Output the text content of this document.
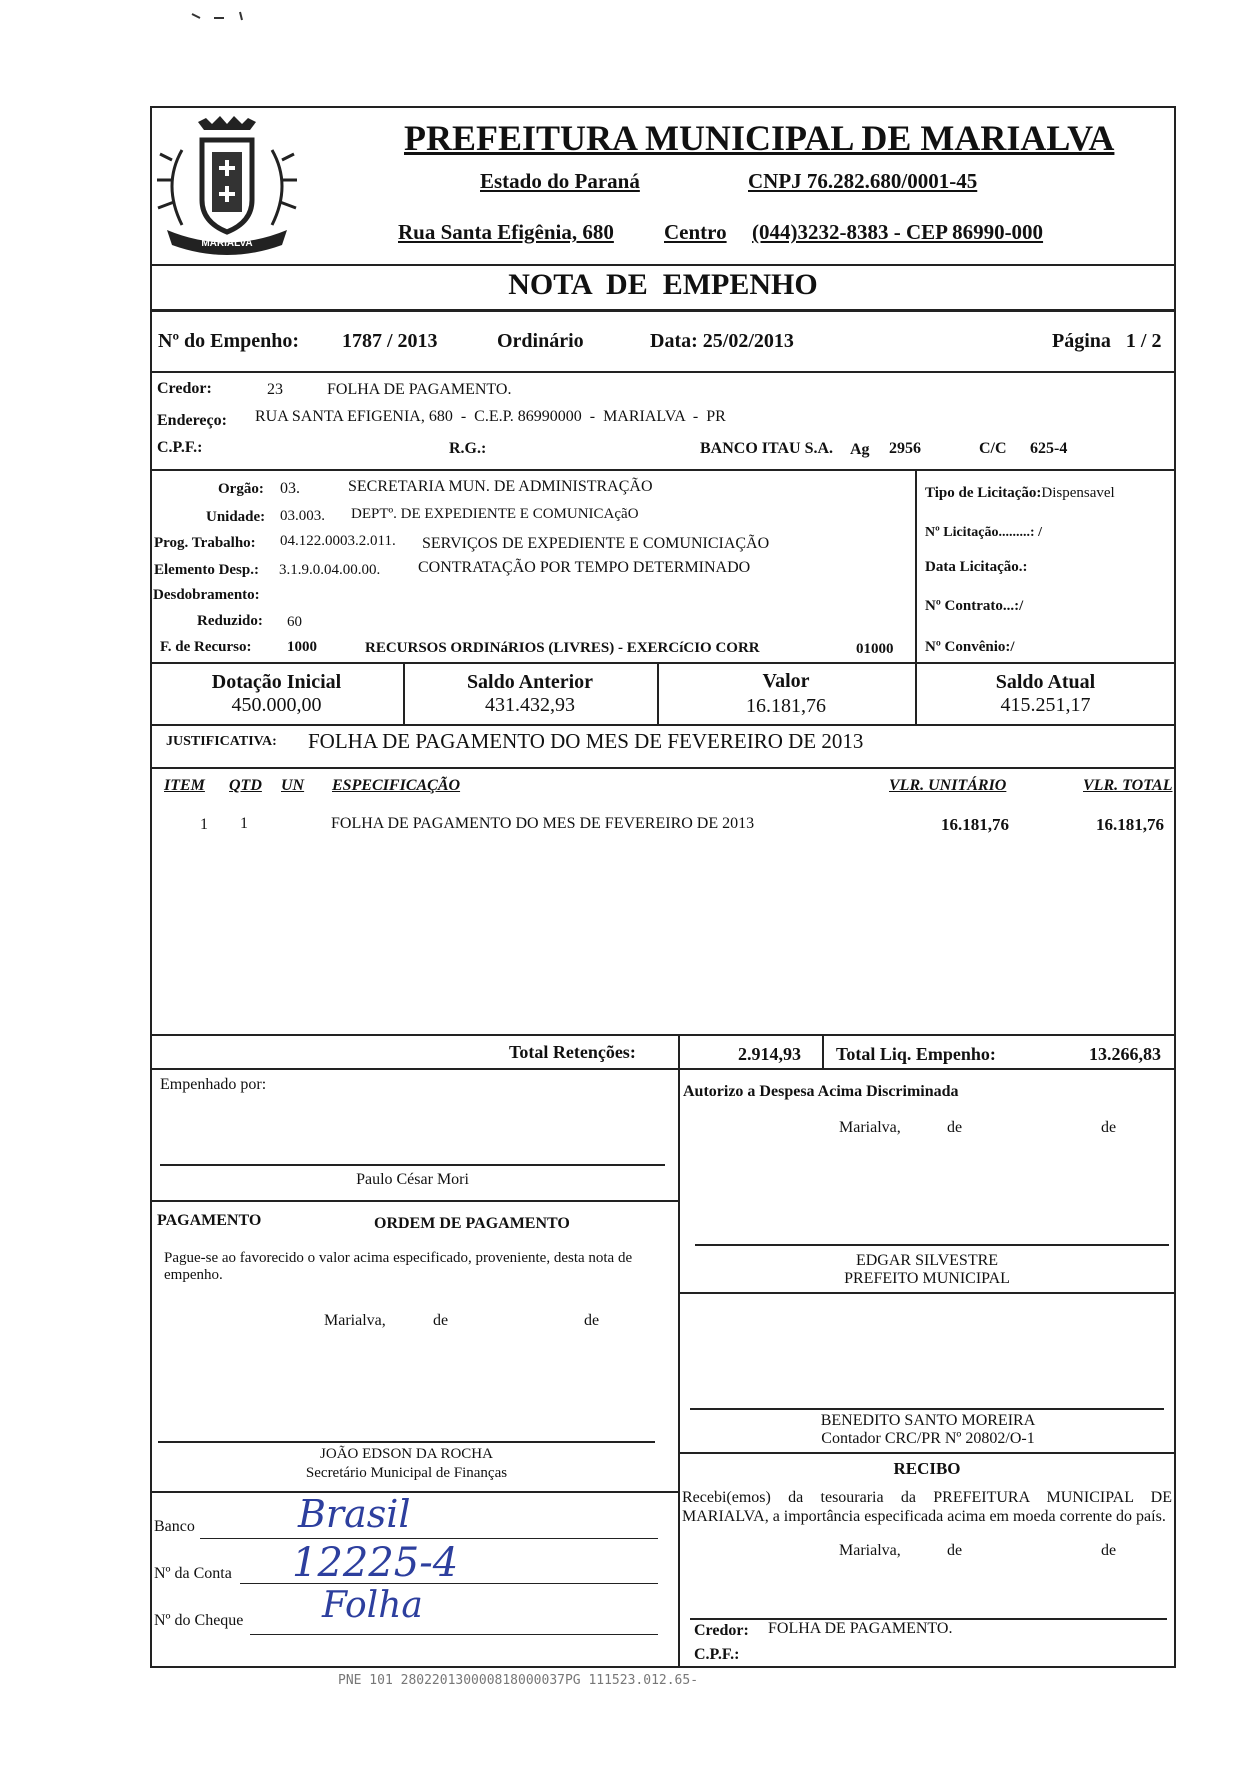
MARIALVA
PREFEITURA MUNICIPAL DE MARIALVA
Estado do Paraná	CNPJ 76.282.680/0001-45
Rua Santa Efigênia, 680 Centro (044)3232-8383 - CEP 86990-000
NOTA  DE  EMPENHO
Nº do Empenho: 1787 / 2013	Ordinário	Data: 25/02/2013	Página   1 / 2
Credor:	23	FOLHA DE PAGAMENTO.
Endereço: RUA SANTA EFIGENIA, 680  -  C.E.P. 86990000  -  MARIALVA  -  PR
C.P.F.:	R.G.:	BANCO ITAU S.A. Ag 2956	C/C 625-4
Orgão: 03.	SECRETARIA MUN. DE ADMINISTRAÇÃO
Unidade: 03.003. DEPTº. DE EXPEDIENTE E COMUNICAçãO
Prog. Trabalho: 04.122.0003.2.011. SERVIÇOS DE EXPEDIENTE E COMUNICIAÇÃO
Elemento Desp.: 3.1.9.0.04.00.00. CONTRATAÇÃO POR TEMPO DETERMINADO
Desdobramento:
Reduzido: 60
F. de Recurso: 1000	RECURSOS ORDINáRIOS (LIVRES) - EXERCíCIO CORR	01000
Tipo de Licitação:Dispensavel
Nº Licitação.........: /
Data Licitação.:
Nº Contrato...:/
Nº Convênio:/
Dotação Inicial
450.000,00
Saldo Anterior
431.432,93
Valor
16.181,76
Saldo Atual
415.251,17
JUSTIFICATIVA: FOLHA DE PAGAMENTO DO MES DE FEVEREIRO DE 2013
ITEM QTD UN ESPECIFICAÇÃO	VLR. UNITÁRIO	VLR. TOTAL
1 1	FOLHA DE PAGAMENTO DO MES DE FEVEREIRO DE 2013	16.181,76	16.181,76
Total Retenções:	2.914,93 Total Liq. Empenho:	13.266,83
Empenhado por:
Paulo César Mori
PAGAMENTO	ORDEM DE PAGAMENTO
Pague-se ao favorecido o valor acima especificado, proveniente, desta nota de empenho.
Marialva,	de	de
JOÃO EDSON DA ROCHA
Secretário Municipal de Finanças
Banco	Brasil
Nº da Conta 12225-4
Nº do Cheque Folha
Autorizo a Despesa Acima Discriminada
Marialva,	de	de
EDGAR SILVESTRE
PREFEITO MUNICIPAL
BENEDITO SANTO MOREIRA
Contador CRC/PR Nº 20802/O-1
RECIBO
Recebi(emos) da tesouraria da PREFEITURA MUNICIPAL DE MARIALVA, a importância especificada acima em moeda corrente do país.
Marialva,	de	de
Credor: FOLHA DE PAGAMENTO.
C.P.F.:
PNE 101 280220130000818000037PG 111523.012.65-
